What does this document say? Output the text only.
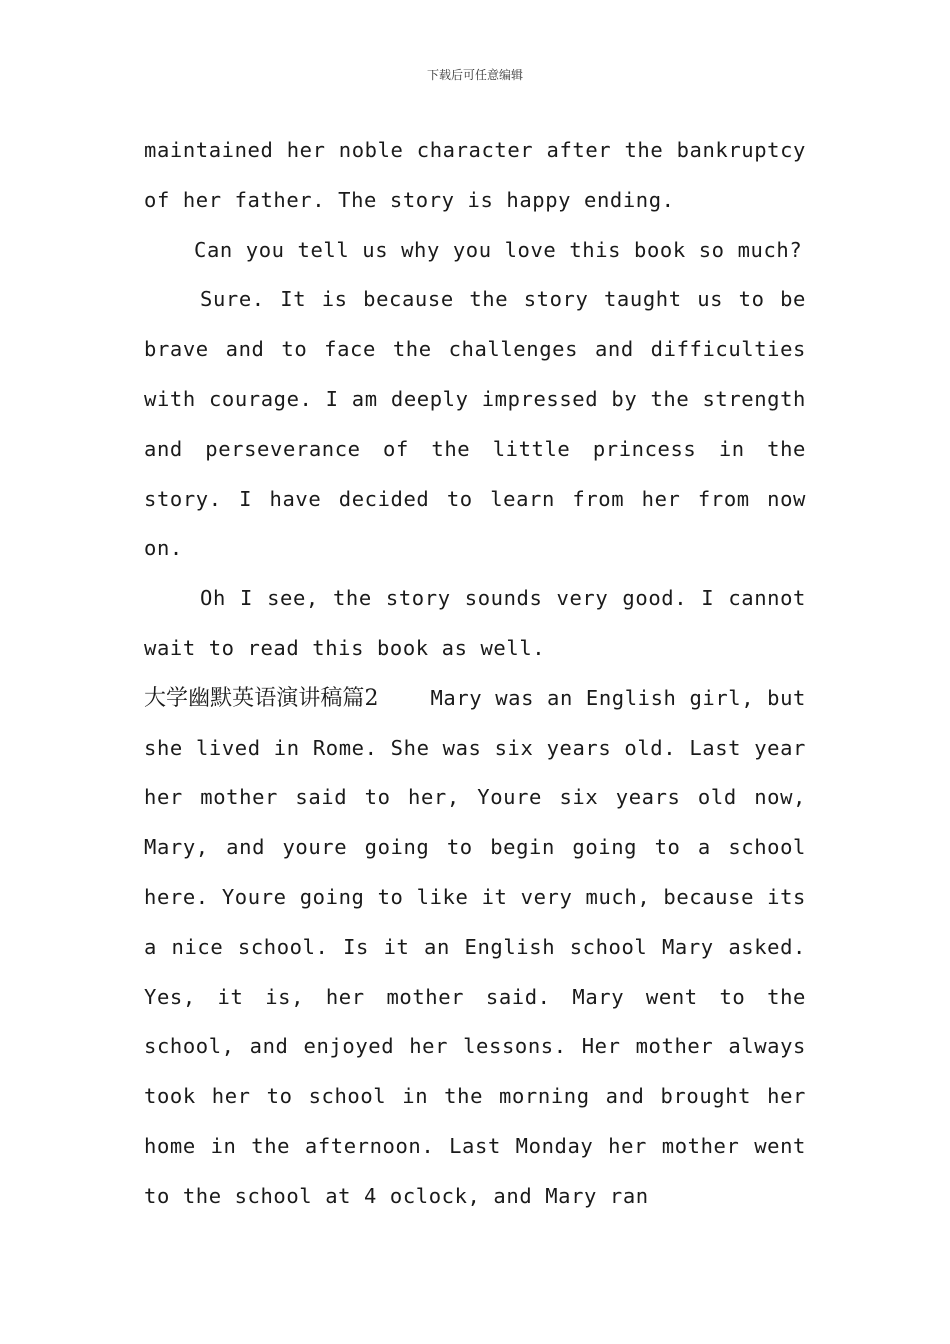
下载后可任意编辑

maintained her noble character after the bankruptcy of her father. The story is happy ending.

Can you tell us why you love this book so much?

Sure. It is because the story taught us to be brave and to face the challenges and difficulties with courage. I am deeply impressed by the strength and perseverance of the little princess in the story. I have decided to learn from her from now on.

Oh I see, the story sounds very good. I cannot wait to read this book as well.

大学幽默英语演讲稿篇2	Mary was an English girl, but she lived in Rome. She was six years old. Last year her mother said to her, Youre six years old now, Mary, and youre going to begin going to a school here. Youre going to like it very much, because its a nice school. Is it an English school Mary asked. Yes, it is, her mother said. Mary went to the school, and enjoyed her lessons. Her mother always took her to school in the morning and brought her home in the afternoon. Last Monday her mother went to the school at 4 oclock, and Mary ran
